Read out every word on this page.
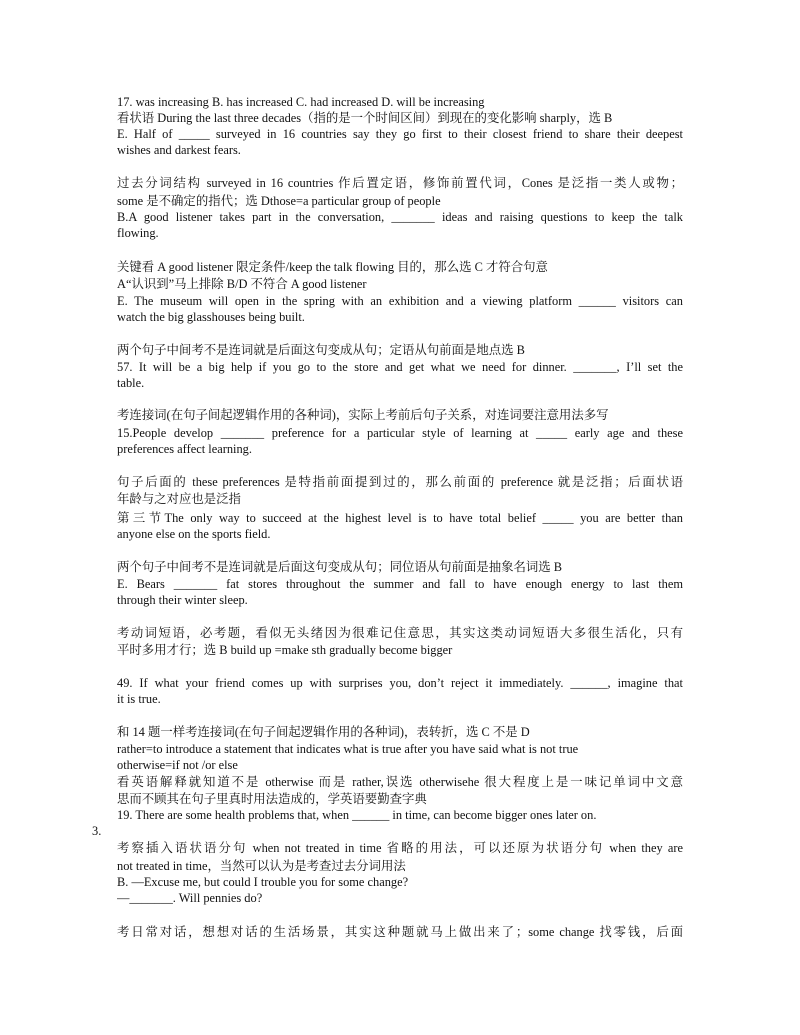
17. was increasing B. has increased C. had increased D. will be increasing
看状语 During the last three decades（指的是一个时间区间）到现在的变化影响 sharply，选 B
E. Half of _____ surveyed in 16 countries say they go first to their closest friend to share their deepest
wishes and darkest fears.
过去分词结构 surveyed in 16 countries 作后置定语，修饰前置代词，Cones 是泛指一类人或物；
some 是不确定的指代；选 Dthose=a particular group of people
B.A good listener takes part in the conversation, _______ ideas and raising questions to keep the talk
flowing.
关键看 A good listener 限定条件/keep the talk flowing 目的，那么选 C 才符合句意
A“认识到”马上排除 B/D 不符合 A good listener
E. The museum will open in the spring with an exhibition and a viewing platform ______ visitors can
watch the big glasshouses being built.
两个句子中间考不是连词就是后面这句变成从句；定语从句前面是地点选 B
57. It will be a big help if you go to the store and get what we need for dinner. _______, I’ll set the
table.
考连接词(在句子间起逻辑作用的各种词)，实际上考前后句子关系，对连词要注意用法多写
15.People develop _______ preference for a particular style of learning at _____ early age and these
preferences affect learning.
句子后面的 these preferences 是特指前面提到过的，那么前面的 preference 就是泛指；后面状语
年龄与之对应也是泛指
第三节The only way to succeed at the highest level is to have total belief _____ you are better than
anyone else on the sports field.
两个句子中间考不是连词就是后面这句变成从句；同位语从句前面是抽象名词选 B
E. Bears _______ fat stores throughout the summer and fall to have enough energy to last them
through their winter sleep.
考动词短语，必考题，看似无头绪因为很难记住意思，其实这类动词短语大多很生活化，只有
平时多用才行；选 B build up =make sth gradually become bigger
49. If what your friend comes up with surprises you, don’t reject it immediately. ______, imagine that
it is true.
和 14 题一样考连接词(在句子间起逻辑作用的各种词)，表转折，选 C 不是 D
rather=to introduce a statement that indicates what is true after you have said what is not true
otherwise=if not /or else
看英语解释就知道不是 otherwise 而是 rather,误选 otherwisehe 很大程度上是一味记单词中文意
思而不顾其在句子里真时用法造成的，学英语要勤查字典
19. There are some health problems that, when ______ in time, can become bigger ones later on.
3.
考察插入语状语分句 when not treated in time 省略的用法，可以还原为状语分句 when they are
not treated in time，当然可以认为是考查过去分词用法
B. —Excuse me, but could I trouble you for some change?
—_______. Will pennies do?
考日常对话，想想对话的生活场景，其实这种题就马上做出来了；some change 找零钱，后面
